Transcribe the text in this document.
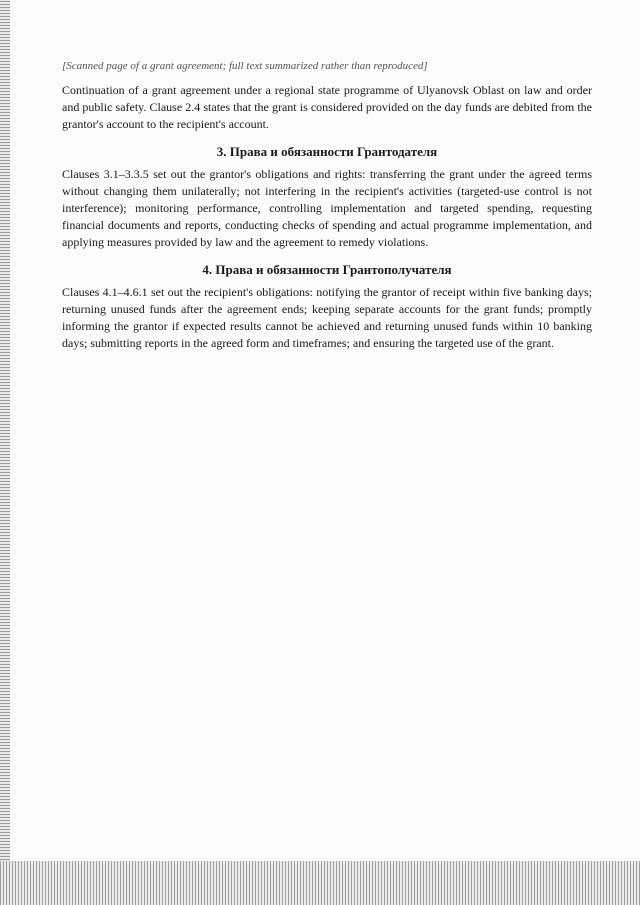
[Scanned page of a grant agreement; full text summarized rather than reproduced]

Continuation of a grant agreement under a regional state programme of Ulyanovsk Oblast on law and order and public safety. Clause 2.4 states that the grant is considered provided on the day funds are debited from the grantor's account to the recipient's account.

3. Права и обязанности Грантодателя

Clauses 3.1–3.3.5 set out the grantor's obligations and rights: transferring the grant under the agreed terms without changing them unilaterally; not interfering in the recipient's activities (targeted-use control is not interference); monitoring performance, controlling implementation and targeted spending, requesting financial documents and reports, conducting checks of spending and actual programme implementation, and applying measures provided by law and the agreement to remedy violations.

4. Права и обязанности Грантополучателя

Clauses 4.1–4.6.1 set out the recipient's obligations: notifying the grantor of receipt within five banking days; returning unused funds after the agreement ends; keeping separate accounts for the grant funds; promptly informing the grantor if expected results cannot be achieved and returning unused funds within 10 banking days; submitting reports in the agreed form and timeframes; and ensuring the targeted use of the grant.
